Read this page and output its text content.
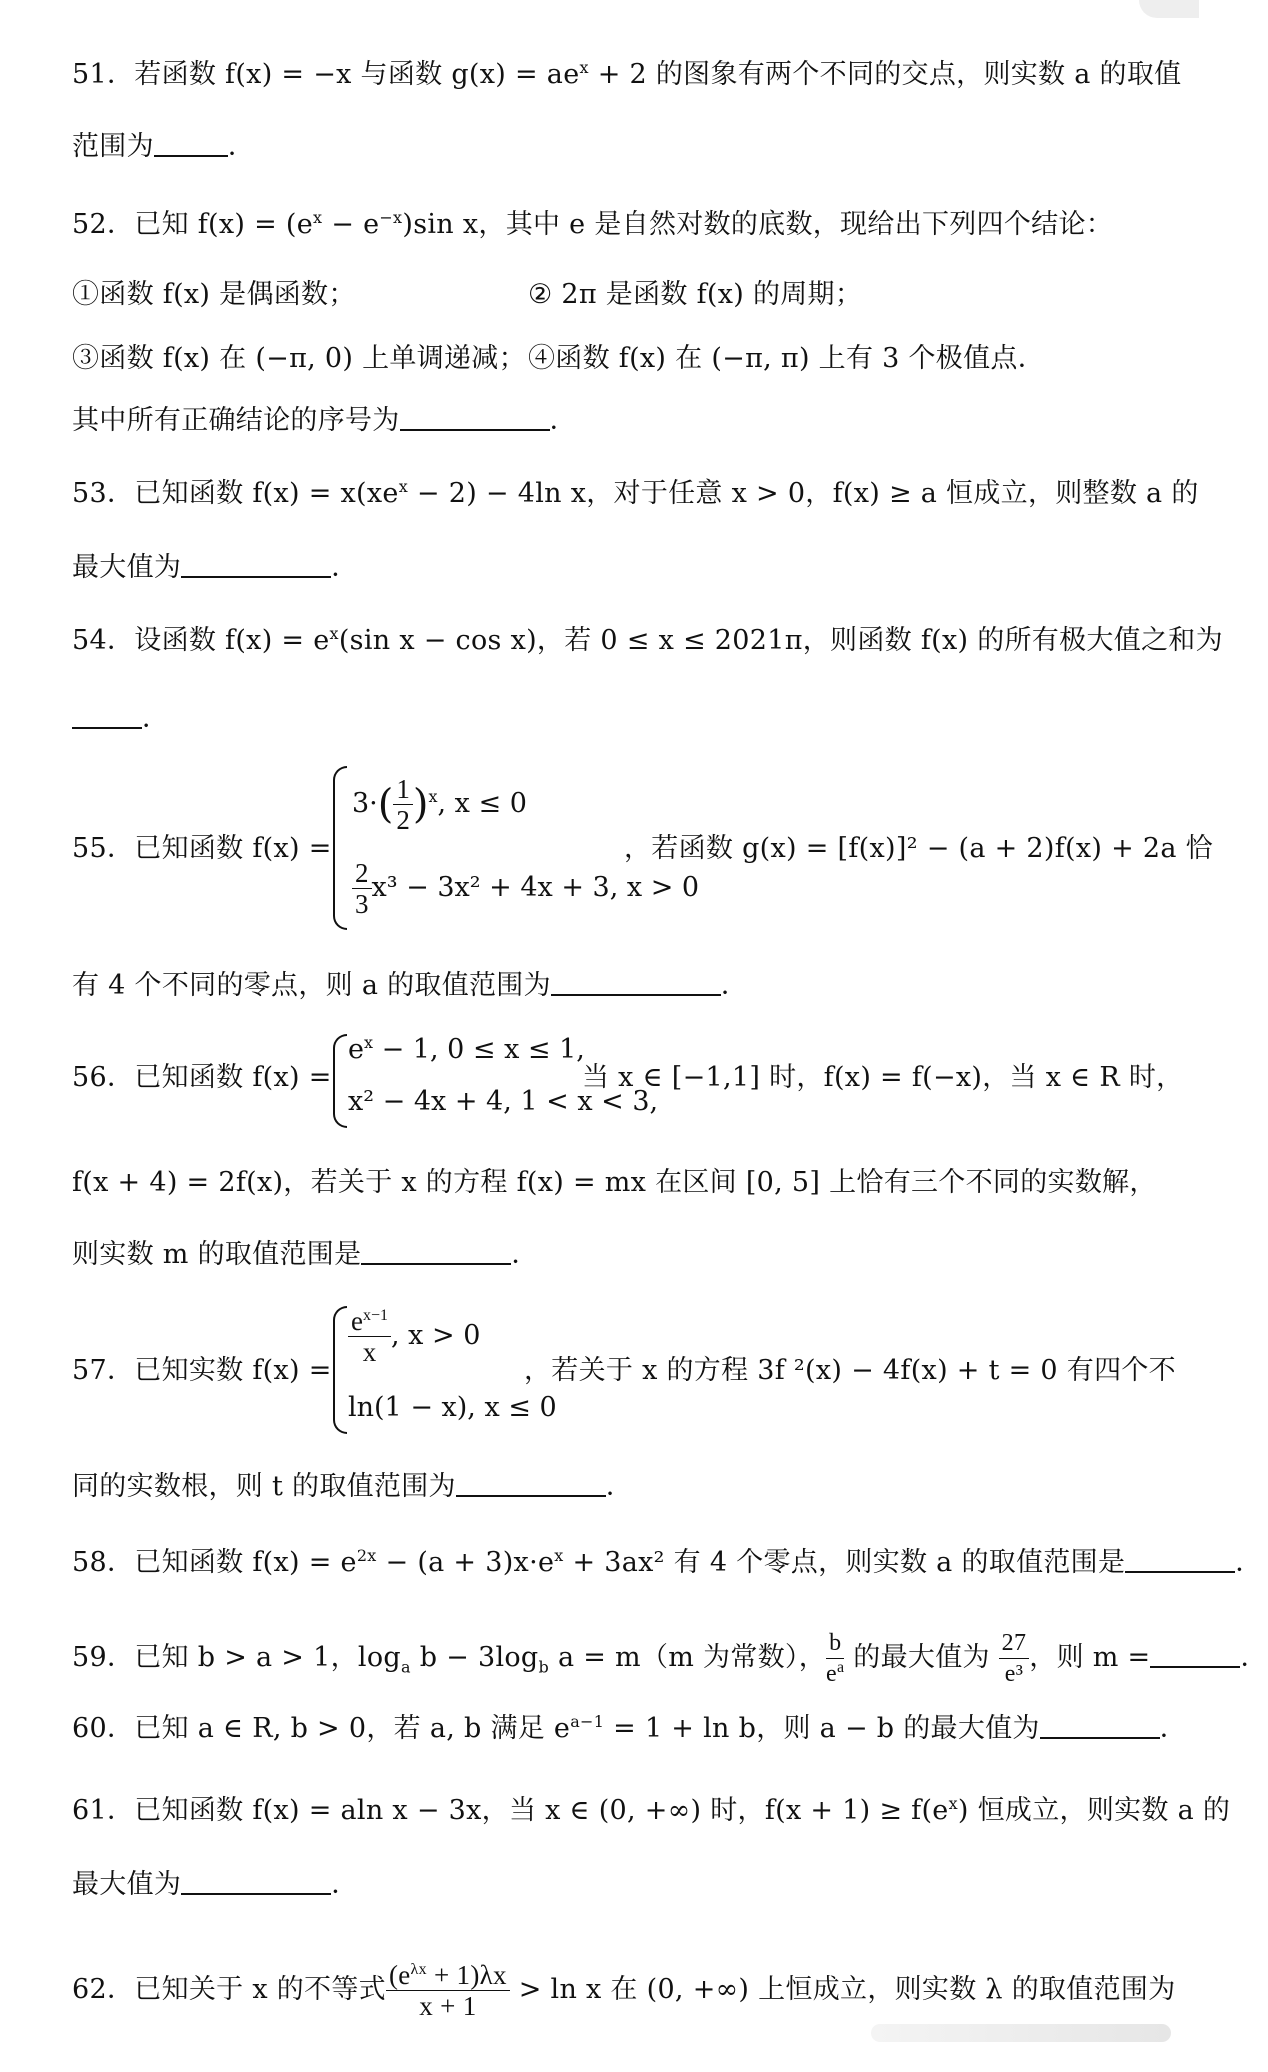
51．若函数 f(x) = −x 与函数 $g(x) = ae^x + 2$ 的图象有两个不同的交点，则实数 a 的取值
范围为	．
52．已知 $f(x) = (e^x - e^{-x})\sin$ x，其中 e 是自然对数的底数，现给出下列四个结论：
①函数 f(x) 是偶函数；	② 2π 是函数 f(x) 的周期；
③函数 f(x) 在 (−π, 0) 上单调递减； ④函数 f(x) 在 (−π, π) 上有 3 个极值点．
其中所有正确结论的序号为	．
53．已知函数 $f(x) = x(xe^x - 2) - 4\ln$ x，对于任意 x > 0，f(x) ≥ a 恒成立，则整数 a 的
最大值为	．
54．设函数 $f(x) = e^x(\sin$ x − cos x)，若 0 ≤ x ≤ 2021π，则函数 f(x) 的所有极大值之和为
．
55．已知函数 f(x) =
$3\cdot( \frac{1}{2} )^x$, x ≤ 0
$\frac{2}{3} x^3 - 3x^2 + 4x + 3$, x > 0
，若函数 g(x) = [f(x)]² − (a + 2)f(x) + 2a 恰
有 4 个不同的零点，则 a 的取值范围为	．
56．已知函数 f(x) =
$e^x - 1$, 0 ≤ x ≤ 1,
x² − 4x + 4, 1 < x < 3,
当 x ∈ [−1,1] 时，f(x) = f(−x)，当 x ∈ R 时，
f(x + 4) = 2f(x)，若关于 x 的方程 f(x) = mx 在区间 [0, 5] 上恰有三个不同的实数解，
则实数 m 的取值范围是	．
57．已知实数 f(x) =
$\frac{e^{x-1}}{x}$ , x > 0
ln(1 − x), x ≤ 0
，若关于 x 的方程 3f ²(x) − 4f(x) + t = 0 有四个不
同的实数根，则 t 的取值范围为	．
58．已知函数 $f(x) = e^{2x} - (a + 3)x\cdot e^x + 3ax^2$ 有 4 个零点，则实数 a 的取值范围是	．
59．已知 b > a > 1，$\log_a b - 3\log_b$ a = m（m 为常数）， $\frac{b}{e^a}$ 的最大值为 $\frac{27}{\text{e³}}$ ，则 m =	．
60．已知 a ∈ R, b > 0，若 a, b 满足 $e^{a-1} = 1 + \ln b$，则 a − b 的最大值为	．
61．已知函数 f(x) = aln x − 3x，当 x ∈ (0, +∞) 时，$f(x + 1) \ge f(e^x)$ 恒成立，则实数 a 的
最大值为	．
62．已知关于 x 的不等式 $\frac{(e^{\lambda x} + 1)\lambda x}{x + 1} > \ln x$ 在 (0, +∞) 上恒成立，则实数 λ 的取值范围为
